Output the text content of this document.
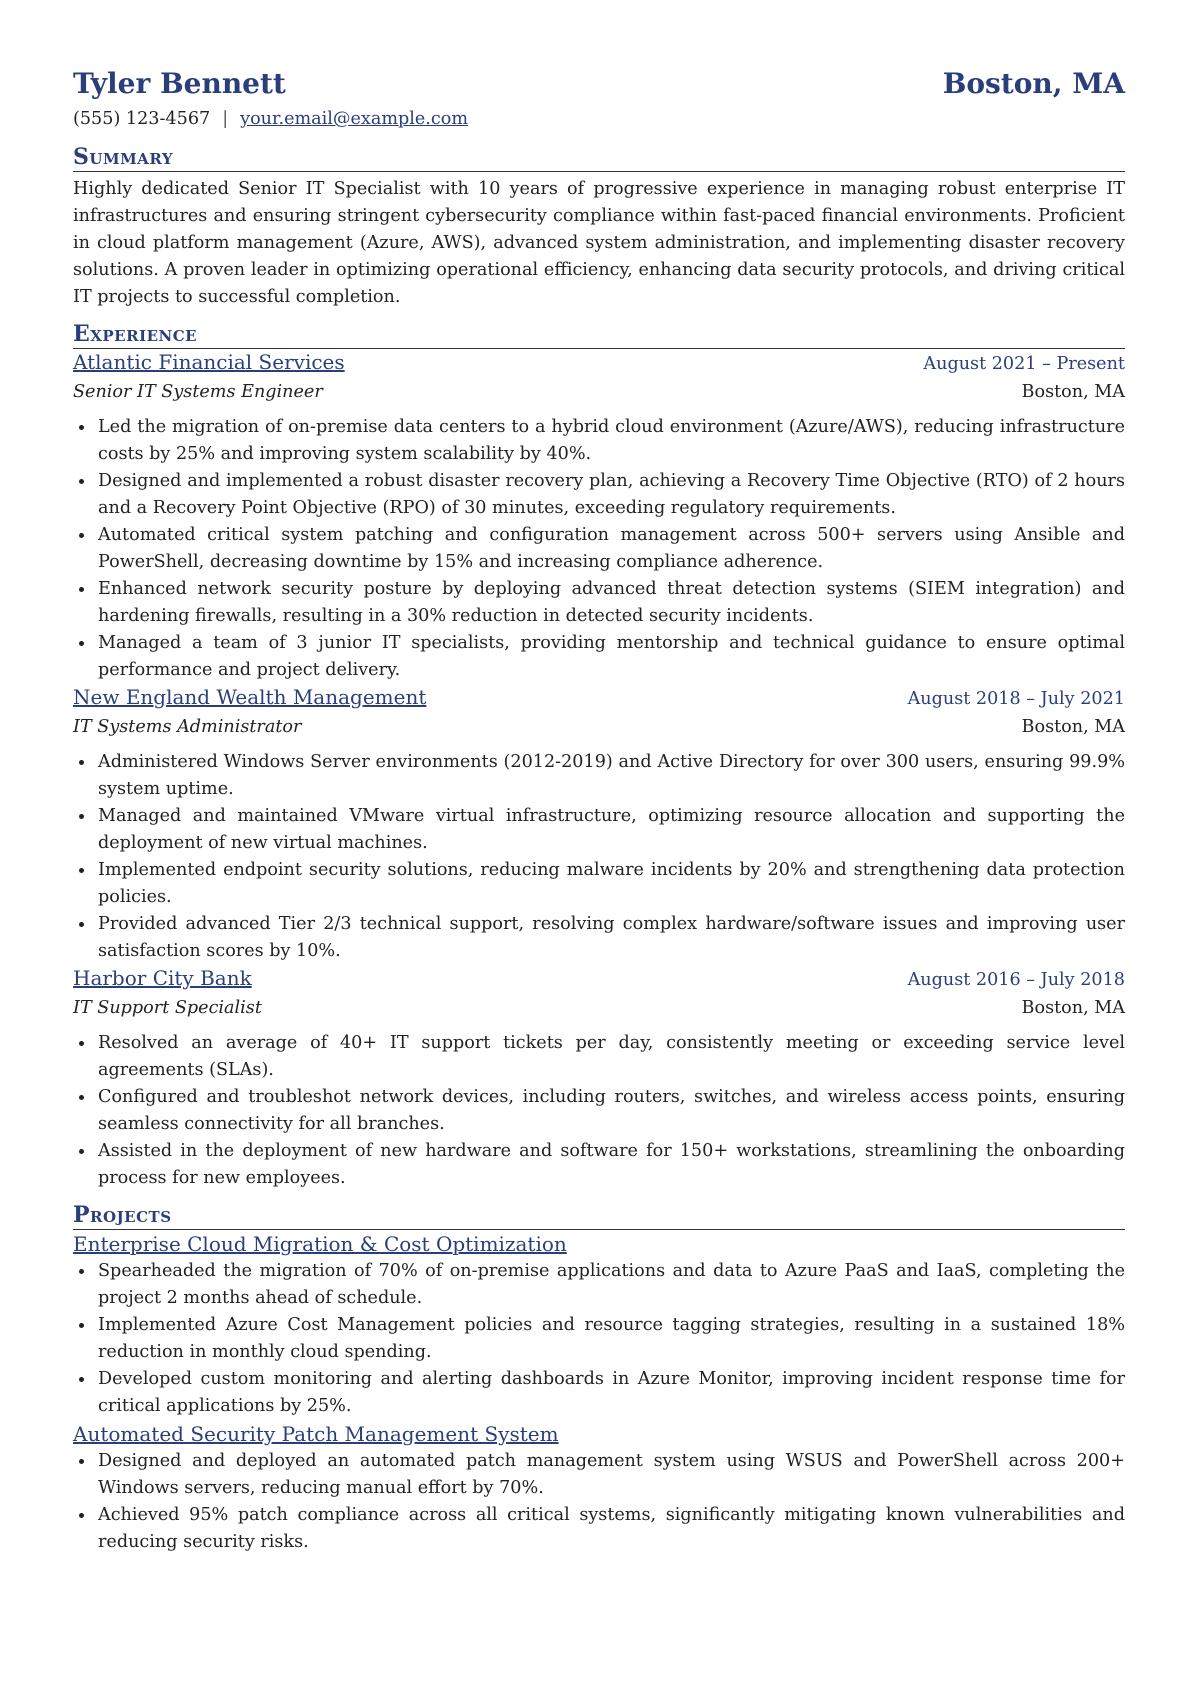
Tyler Bennett	Boston, MA
(555) 123-4567 | your.email@example.com
Summary
Highly dedicated Senior IT Specialist with 10 years of progressive experience in managing robust enterprise IT infrastructures and ensuring stringent cybersecurity compliance within fast-paced financial environments. Proficient in cloud platform management (Azure, AWS), advanced system administration, and implementing disaster recovery solutions. A proven leader in optimizing operational efficiency, enhancing data security protocols, and driving critical IT projects to successful completion.
Experience
Atlantic Financial Services	August 2021 – Present
Senior IT Systems Engineer	Boston, MA
Led the migration of on-premise data centers to a hybrid cloud environment (Azure/AWS), reducing infrastructure costs by 25% and improving system scalability by 40%.
Designed and implemented a robust disaster recovery plan, achieving a Recovery Time Objective (RTO) of 2 hours and a Recovery Point Objective (RPO) of 30 minutes, exceeding regulatory requirements.
Automated critical system patching and configuration management across 500+ servers using Ansible and PowerShell, decreasing downtime by 15% and increasing compliance adherence.
Enhanced network security posture by deploying advanced threat detection systems (SIEM integration) and hardening firewalls, resulting in a 30% reduction in detected security incidents.
Managed a team of 3 junior IT specialists, providing mentorship and technical guidance to ensure optimal performance and project delivery.
New England Wealth Management	August 2018 – July 2021
IT Systems Administrator	Boston, MA
Administered Windows Server environments (2012-2019) and Active Directory for over 300 users, ensuring 99.9% system uptime.
Managed and maintained VMware virtual infrastructure, optimizing resource allocation and supporting the deployment of new virtual machines.
Implemented endpoint security solutions, reducing malware incidents by 20% and strengthening data protection policies.
Provided advanced Tier 2/3 technical support, resolving complex hardware/software issues and improving user satisfaction scores by 10%.
Harbor City Bank	August 2016 – July 2018
IT Support Specialist	Boston, MA
Resolved an average of 40+ IT support tickets per day, consistently meeting or exceeding service level agreements (SLAs).
Configured and troubleshot network devices, including routers, switches, and wireless access points, ensuring seamless connectivity for all branches.
Assisted in the deployment of new hardware and software for 150+ workstations, streamlining the onboarding process for new employees.
Projects
Enterprise Cloud Migration & Cost Optimization
Spearheaded the migration of 70% of on-premise applications and data to Azure PaaS and IaaS, completing the project 2 months ahead of schedule.
Implemented Azure Cost Management policies and resource tagging strategies, resulting in a sustained 18% reduction in monthly cloud spending.
Developed custom monitoring and alerting dashboards in Azure Monitor, improving incident response time for critical applications by 25%.
Automated Security Patch Management System
Designed and deployed an automated patch management system using WSUS and PowerShell across 200+ Windows servers, reducing manual effort by 70%.
Achieved 95% patch compliance across all critical systems, significantly mitigating known vulnerabilities and reducing security risks.
